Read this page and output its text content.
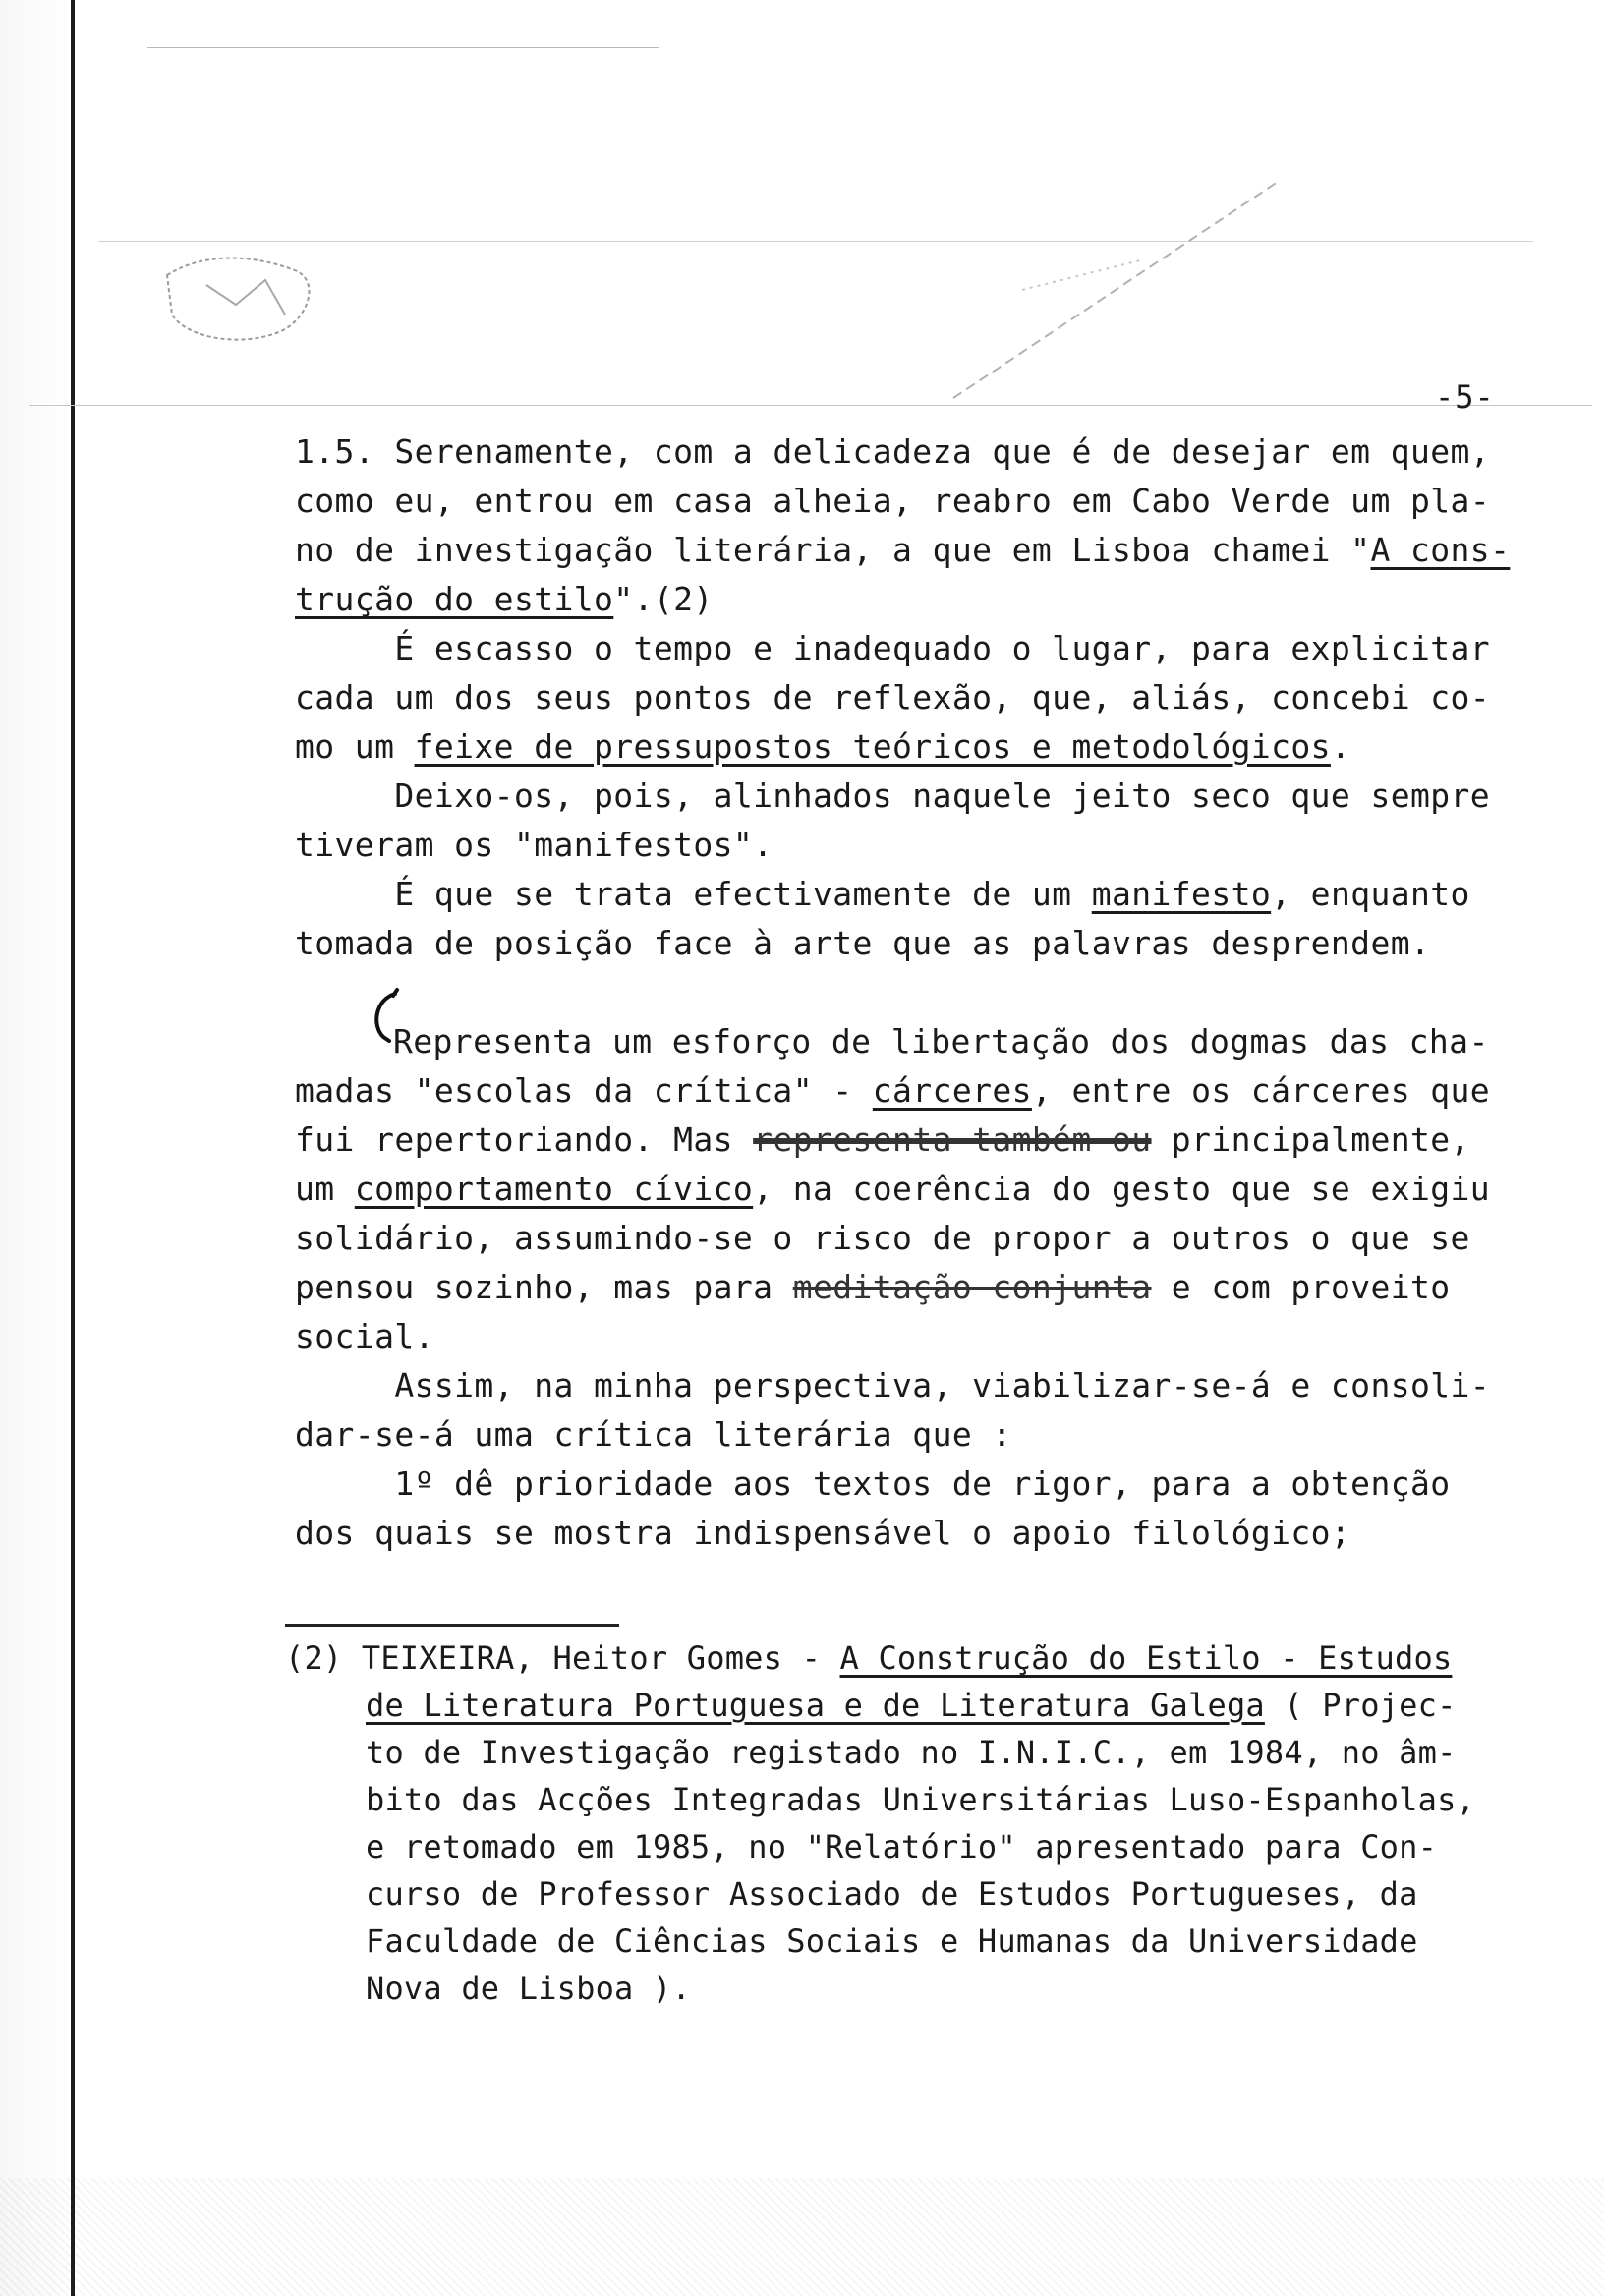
-5-
1.5. Serenamente, com a delicadeza que é de desejar em quem,
como eu, entrou em casa alheia, reabro em Cabo Verde um pla-
no de investigação literária, a que em Lisboa chamei "A cons-
trução do estilo".(2)
É escasso o tempo e inadequado o lugar, para explicitar
cada um dos seus pontos de reflexão, que, aliás, concebi co-
mo um feixe de pressupostos teóricos e metodológicos.
Deixo-os, pois, alinhados naquele jeito seco que sempre
tiveram os "manifestos".
É que se trata efectivamente de um manifesto, enquanto
tomada de posição face à arte que as palavras desprendem.
Representa um esforço de libertação dos dogmas das cha-
madas "escolas da crítica" - cárceres, entre os cárceres que
fui repertoriando. Mas representa também ou principalmente,
um comportamento cívico, na coerência do gesto que se exigiu
solidário, assumindo-se o risco de propor a outros o que se
pensou sozinho, mas para meditação conjunta e com proveito
social.
Assim, na minha perspectiva, viabilizar-se-á e consoli-
dar-se-á uma crítica literária que :
1º dê prioridade aos textos de rigor, para a obtenção
dos quais se mostra indispensável o apoio filológico;
(2) TEIXEIRA, Heitor Gomes - A Construção do Estilo - Estudos
de Literatura Portuguesa e de Literatura Galega ( Projec-
to de Investigação registado no I.N.I.C., em 1984, no âm-
bito das Acções Integradas Universitárias Luso-Espanholas,
e retomado em 1985, no "Relatório" apresentado para Con-
curso de Professor Associado de Estudos Portugueses, da
Faculdade de Ciências Sociais e Humanas da Universidade
Nova de Lisboa ).
